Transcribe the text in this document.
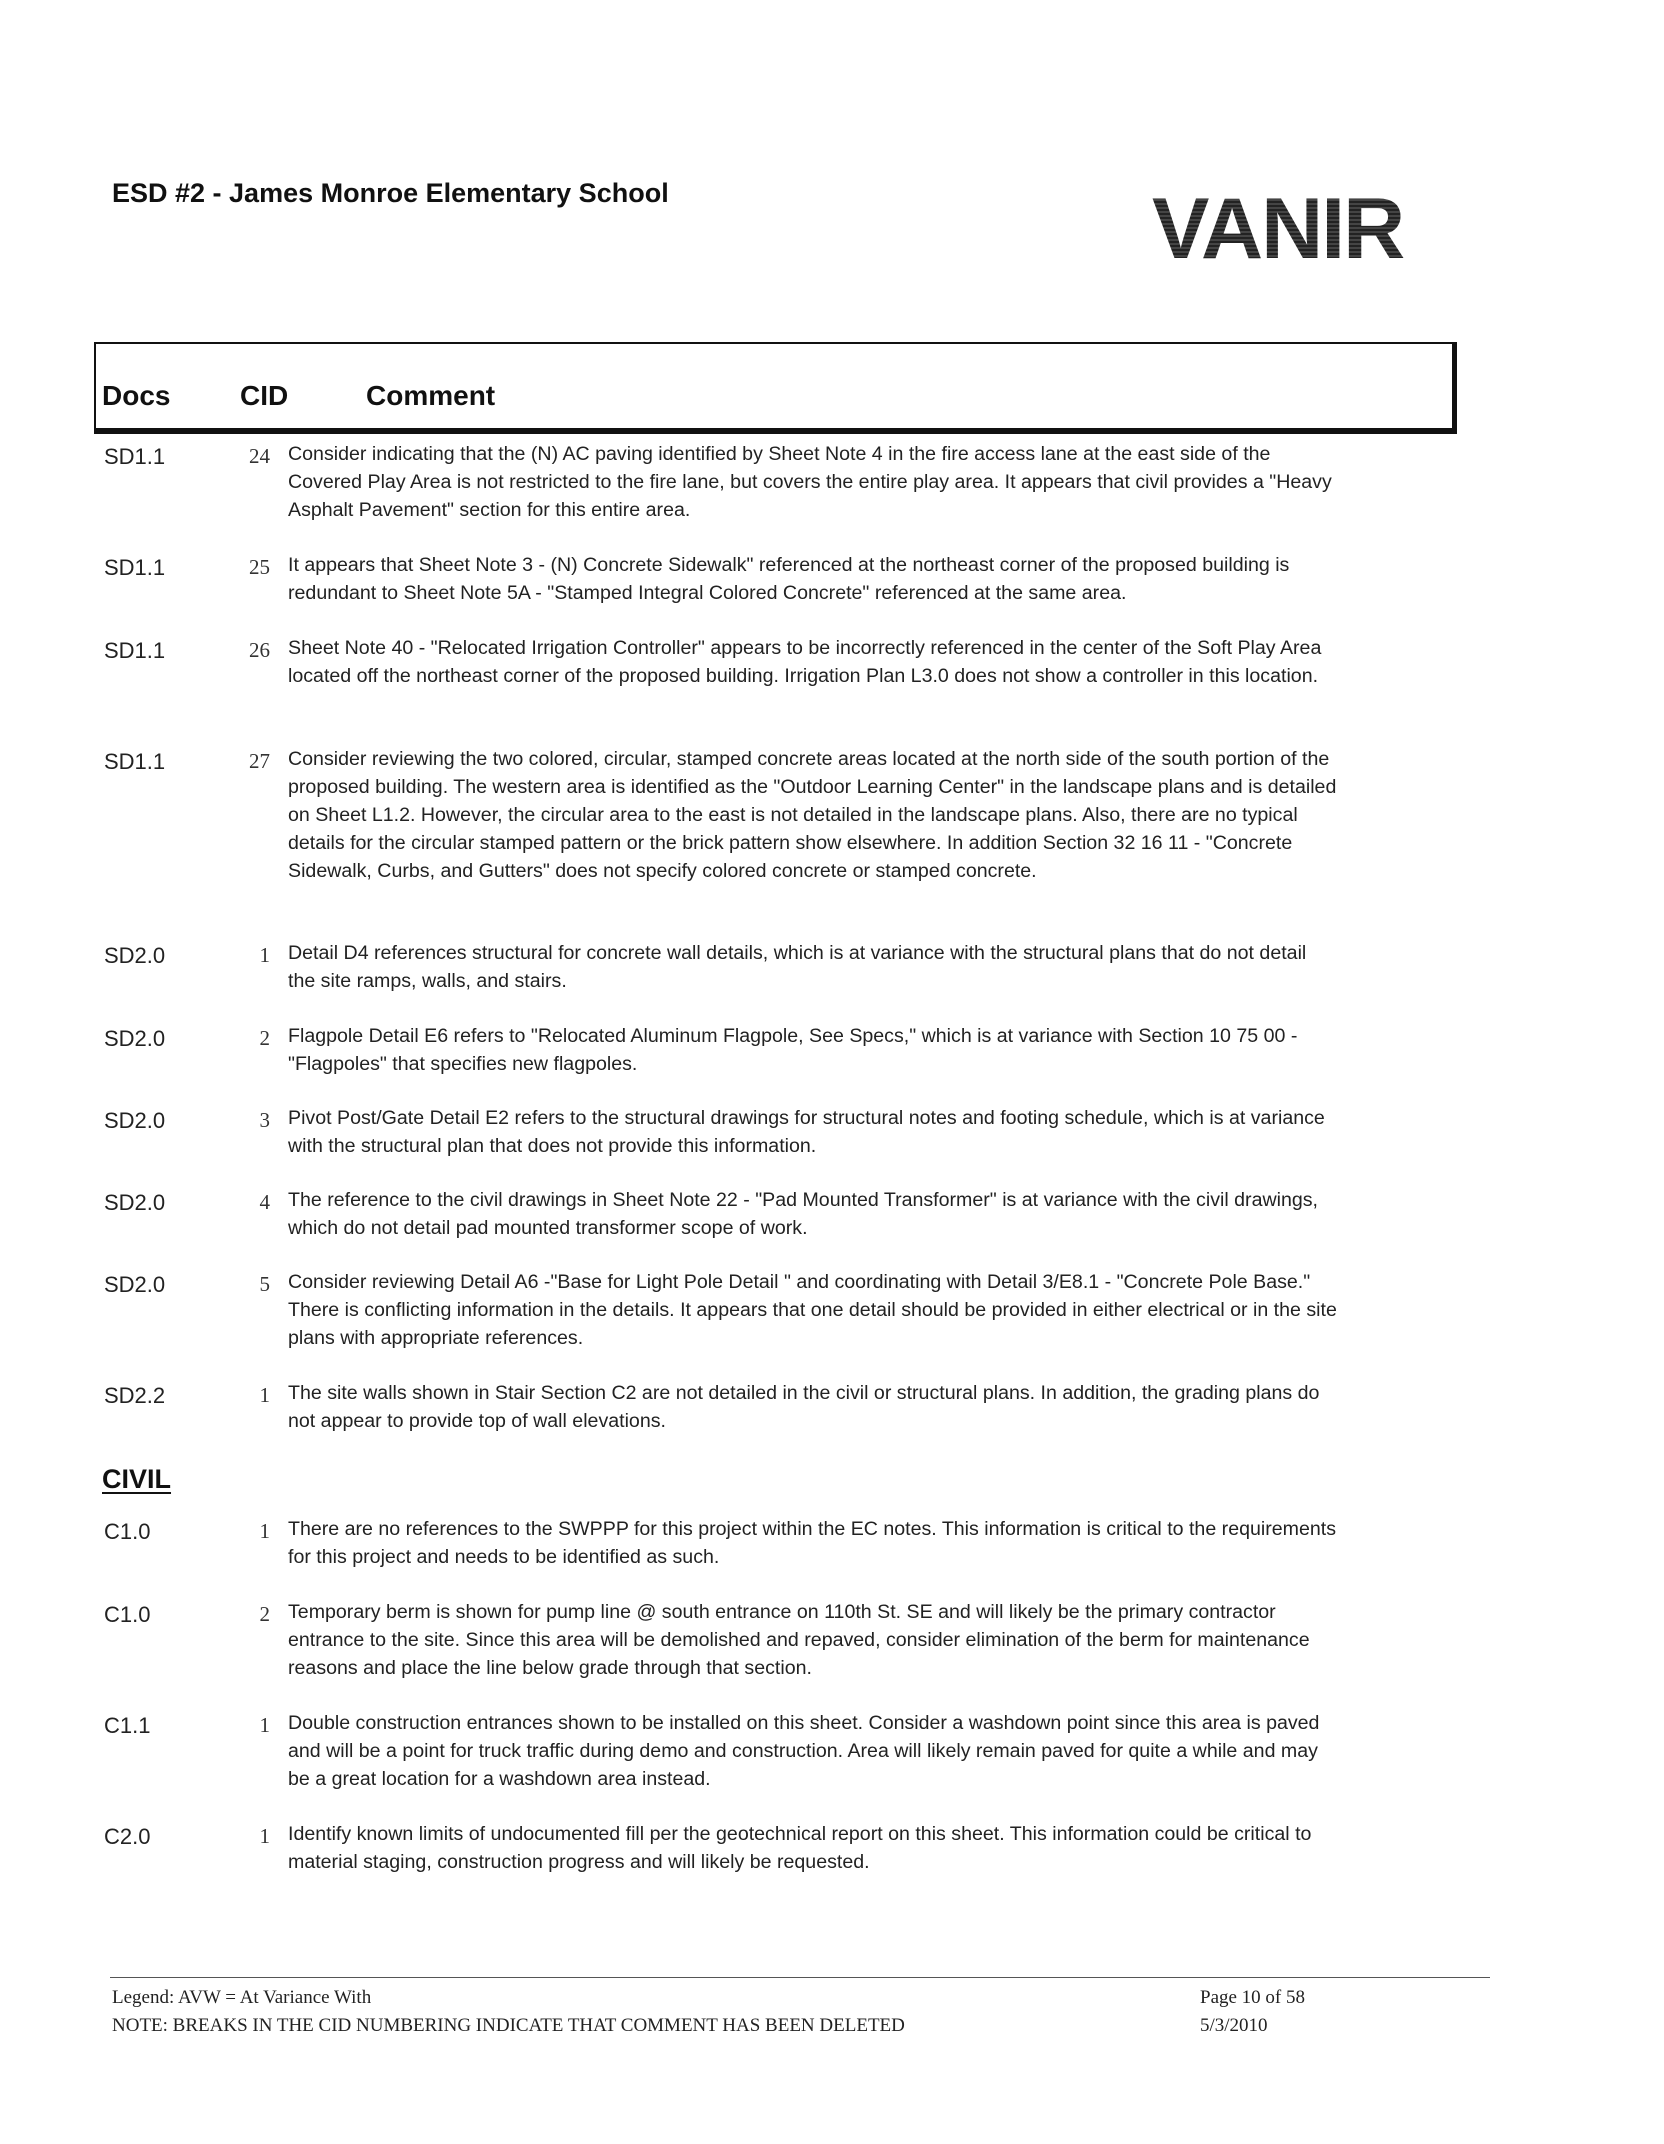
ESD #2 - James Monroe Elementary School	VANIR
Docs CID	Comment
SD1.1	24 Consider indicating that the (N) AC paving identified by Sheet Note 4 in the fire access lane at the east side of the Covered Play Area is not restricted to the fire lane, but covers the entire play area. It appears that civil provides a "Heavy Asphalt Pavement" section for this entire area.
SD1.1	25 It appears that Sheet Note 3 - (N) Concrete Sidewalk" referenced at the northeast corner of the proposed building is redundant to Sheet Note 5A - "Stamped Integral Colored Concrete" referenced at the same area.
SD1.1	26 Sheet Note 40 - "Relocated Irrigation Controller" appears to be incorrectly referenced in the center of the Soft Play Area located off the northeast corner of the proposed building. Irrigation Plan L3.0 does not show a controller in this location.
SD1.1	27 Consider reviewing the two colored, circular, stamped concrete areas located at the north side of the south portion of the proposed building. The western area is identified as the "Outdoor Learning Center" in the landscape plans and is detailed on Sheet L1.2. However, the circular area to the east is not detailed in the landscape plans. Also, there are no typical details for the circular stamped pattern or the brick pattern show elsewhere. In addition Section 32 16 11 - "Concrete Sidewalk, Curbs, and Gutters" does not specify colored concrete or stamped concrete.
SD2.0	1 Detail D4 references structural for concrete wall details, which is at variance with the structural plans that do not detail the site ramps, walls, and stairs.
SD2.0	2 Flagpole Detail E6 refers to "Relocated Aluminum Flagpole, See Specs," which is at variance with Section 10 75 00 - "Flagpoles" that specifies new flagpoles.
SD2.0	3 Pivot Post/Gate Detail E2 refers to the structural drawings for structural notes and footing schedule, which is at variance with the structural plan that does not provide this information.
SD2.0	4 The reference to the civil drawings in Sheet Note 22 - "Pad Mounted Transformer" is at variance with the civil drawings, which do not detail pad mounted transformer scope of work.
SD2.0	5 Consider reviewing Detail A6 -"Base for Light Pole Detail " and coordinating with Detail 3/E8.1 - "Concrete Pole Base." There is conflicting information in the details. It appears that one detail should be provided in either electrical or in the site plans with appropriate references.
SD2.2	1 The site walls shown in Stair Section C2 are not detailed in the civil or structural plans. In addition, the grading plans do not appear to provide top of wall elevations.
CIVIL
C1.0	1 There are no references to the SWPPP for this project within the EC notes. This information is critical to the requirements for this project and needs to be identified as such.
C1.0	2 Temporary berm is shown for pump line @ south entrance on 110th St. SE and will likely be the primary contractor entrance to the site. Since this area will be demolished and repaved, consider elimination of the berm for maintenance reasons and place the line below grade through that section.
C1.1	1 Double construction entrances shown to be installed on this sheet. Consider a washdown point since this area is paved and will be a point for truck traffic during demo and construction. Area will likely remain paved for quite a while and may be a great location for a washdown area instead.
C2.0	1 Identify known limits of undocumented fill per the geotechnical report on this sheet. This information could be critical to material staging, construction progress and will likely be requested.
Legend: AVW = At Variance With
NOTE: BREAKS IN THE CID NUMBERING INDICATE THAT COMMENT HAS BEEN DELETED
Page 10 of 58
5/3/2010
